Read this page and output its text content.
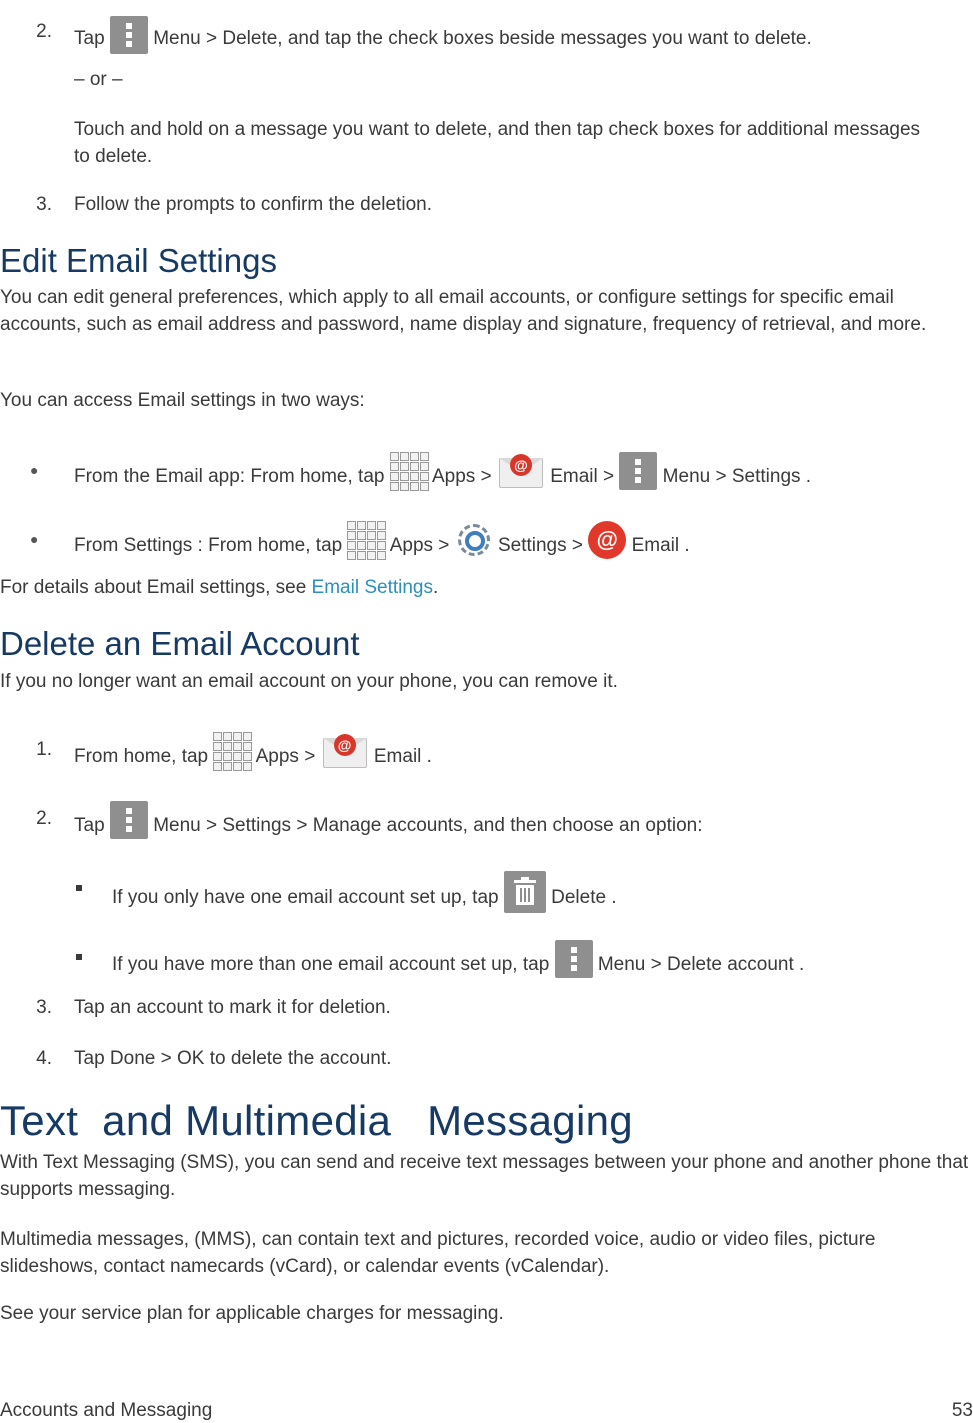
2. Tap	Menu > Delete, and tap the check boxes beside messages you want to delete.
– or –
Touch and hold on a message you want to delete, and then tap check boxes for additional messages to delete.
3. Follow the prompts to confirm the deletion.
Edit Email Settings
You can edit general preferences, which apply to all email accounts, or configure settings for specific email accounts, such as email address and password, name display and signature, frequency of retrieval, and more.
You can access Email settings in two ways:
● From the Email app: From home, tap	Apps >
@
Email >	Menu > Settings .
● From Settings : From home, tap	Apps >	Settings > @ Email .
For details about Email settings, see Email Settings.
Delete an Email Account
If you no longer want an email account on your phone, you can remove it.
1. From home, tap	Apps >
@
Email .
2. Tap	Menu > Settings > Manage accounts, and then choose an option:
If you only have one email account set up, tap	Delete .
If you have more than one email account set up, tap	Menu > Delete account .
3. Tap an account to mark it for deletion.
4. Tap Done > OK to delete the account.
Text  and Multimedia   Messaging
With Text Messaging (SMS), you can send and receive text messages between your phone and another phone that supports messaging.
Multimedia messages, (MMS), can contain text and pictures, recorded voice, audio or video files, picture slideshows, contact namecards (vCard), or calendar events (vCalendar).
See your service plan for applicable charges for messaging.
Accounts and Messaging	53
